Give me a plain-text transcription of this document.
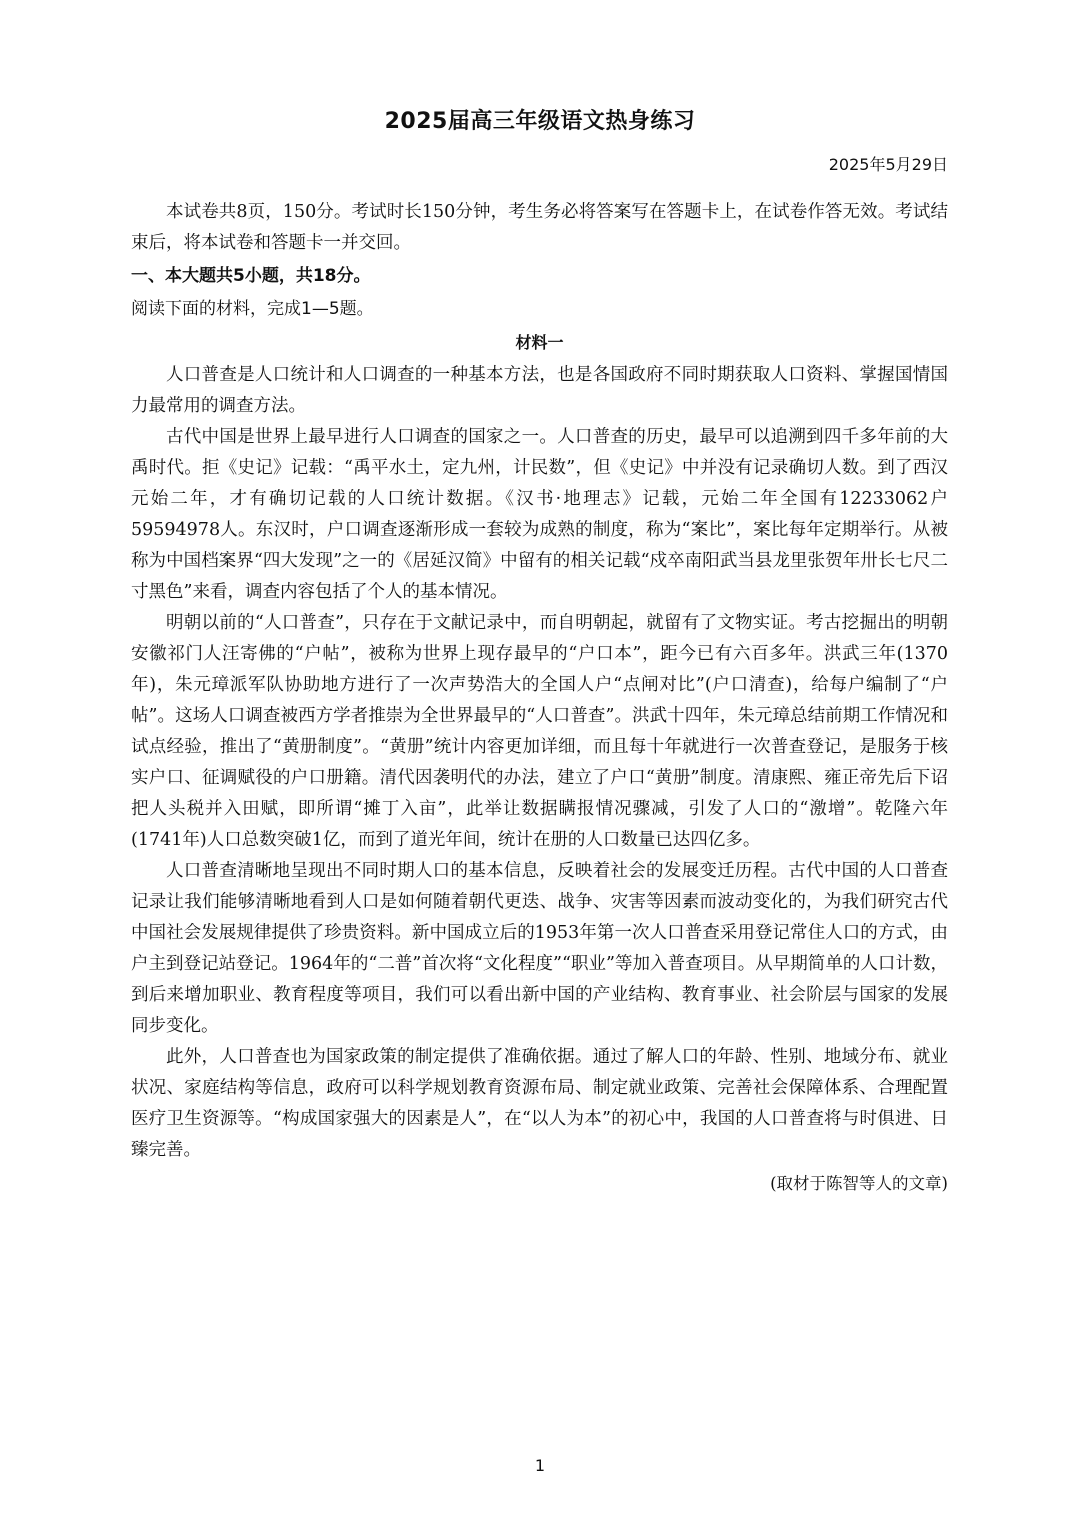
2025届高三年级语文热身练习
2025年5月29日

本试卷共8页，150分。考试时长150分钟，考生务必将答案写在答题卡上，在试卷作答无效。考试结束后，将本试卷和答题卡一并交回。

一、本大题共5小题，共18分。
阅读下面的材料，完成1—5题。
材料一

人口普查是人口统计和人口调查的一种基本方法，也是各国政府不同时期获取人口资料、掌握国情国力最常用的调查方法。

古代中国是世界上最早进行人口调查的国家之一。人口普查的历史，最早可以追溯到四千多年前的大禹时代。拒《史记》记载：“禹平水土，定九州，计民数”，但《史记》中并没有记录确切人数。到了西汉元始二年，才有确切记载的人口统计数据。《汉书·地理志》记载，元始二年全国有12233062户59594978人。东汉时，户口调查逐渐形成一套较为成熟的制度，称为“案比”，案比每年定期举行。从被称为中国档案界“四大发现”之一的《居延汉简》中留有的相关记载“戍卒南阳武当县龙里张贺年卅长七尺二寸黑色”来看，调查内容包括了个人的基本情况。

明朝以前的“人口普查”，只存在于文献记录中，而自明朝起，就留有了文物实证。考古挖掘出的明朝安徽祁门人汪寄佛的“户帖”，被称为世界上现存最早的“户口本”，距今已有六百多年。洪武三年(1370年)，朱元璋派军队协助地方进行了一次声势浩大的全国人户“点闸对比”(户口清查)，给每户编制了“户帖”。这场人口调查被西方学者推崇为全世界最早的“人口普查”。洪武十四年，朱元璋总结前期工作情况和试点经验，推出了“黄册制度”。“黄册”统计内容更加详细，而且每十年就进行一次普查登记，是服务于核实户口、征调赋役的户口册籍。清代因袭明代的办法，建立了户口“黄册”制度。清康熙、雍正帝先后下诏把人头税并入田赋，即所谓“摊丁入亩”，此举让数据瞒报情况骤减，引发了人口的“激增”。乾隆六年 (1741年)人口总数突破1亿，而到了道光年间，统计在册的人口数量已达四亿多。

人口普查清晰地呈现出不同时期人口的基本信息，反映着社会的发展变迁历程。古代中国的人口普查记录让我们能够清晰地看到人口是如何随着朝代更迭、战争、灾害等因素而波动变化的，为我们研究古代中国社会发展规律提供了珍贵资料。新中国成立后的1953年第一次人口普查采用登记常住人口的方式，由户主到登记站登记。1964年的“二普”首次将“文化程度”“职业”等加入普查项目。从早期简单的人口计数，到后来增加职业、教育程度等项目，我们可以看出新中国的产业结构、教育事业、社会阶层与国家的发展同步变化。

此外，人口普查也为国家政策的制定提供了准确依据。通过了解人口的年龄、性别、地域分布、就业状况、家庭结构等信息，政府可以科学规划教育资源布局、制定就业政策、完善社会保障体系、合理配置医疗卫生资源等。“构成国家强大的因素是人”，在“以人为本”的初心中，我国的人口普查将与时俱进、日臻完善。

(取材于陈智等人的文章)
1
